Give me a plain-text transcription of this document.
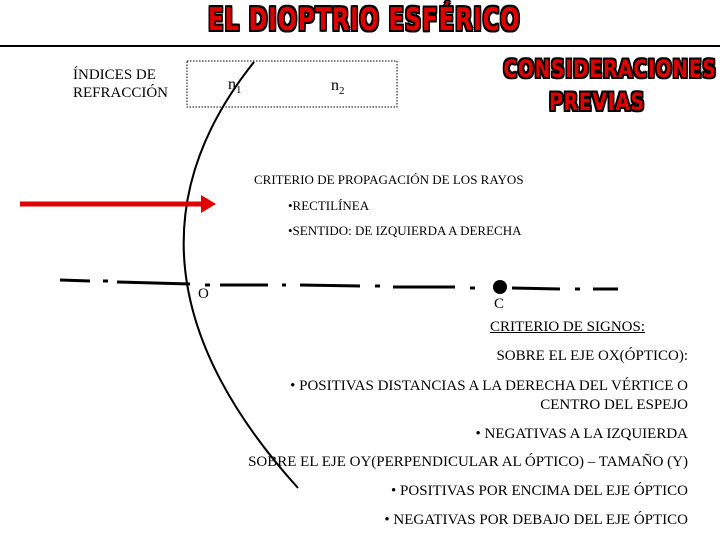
EL DIOPTRIO ESFÉRICO
ÍNDICES DE
REFRACCIÓN	$n_1$	$n_2$
CONSIDERACIONES
PREVIAS
CRITERIO DE PROPAGACIÓN DE LOS RAYOS
•RECTILÍNEA
•SENTIDO: DE IZQUIERDA A DERECHA
O
C
CRITERIO DE SIGNOS:
SOBRE EL EJE OX(ÓPTICO):
• POSITIVAS DISTANCIAS A LA DERECHA DEL VÉRTICE O
CENTRO DEL ESPEJO
• NEGATIVAS A LA IZQUIERDA
SOBRE EL EJE OY(PERPENDICULAR AL ÓPTICO) – TAMAÑO (Y)
• POSITIVAS POR ENCIMA DEL EJE ÓPTICO
• NEGATIVAS POR DEBAJO DEL EJE ÓPTICO
